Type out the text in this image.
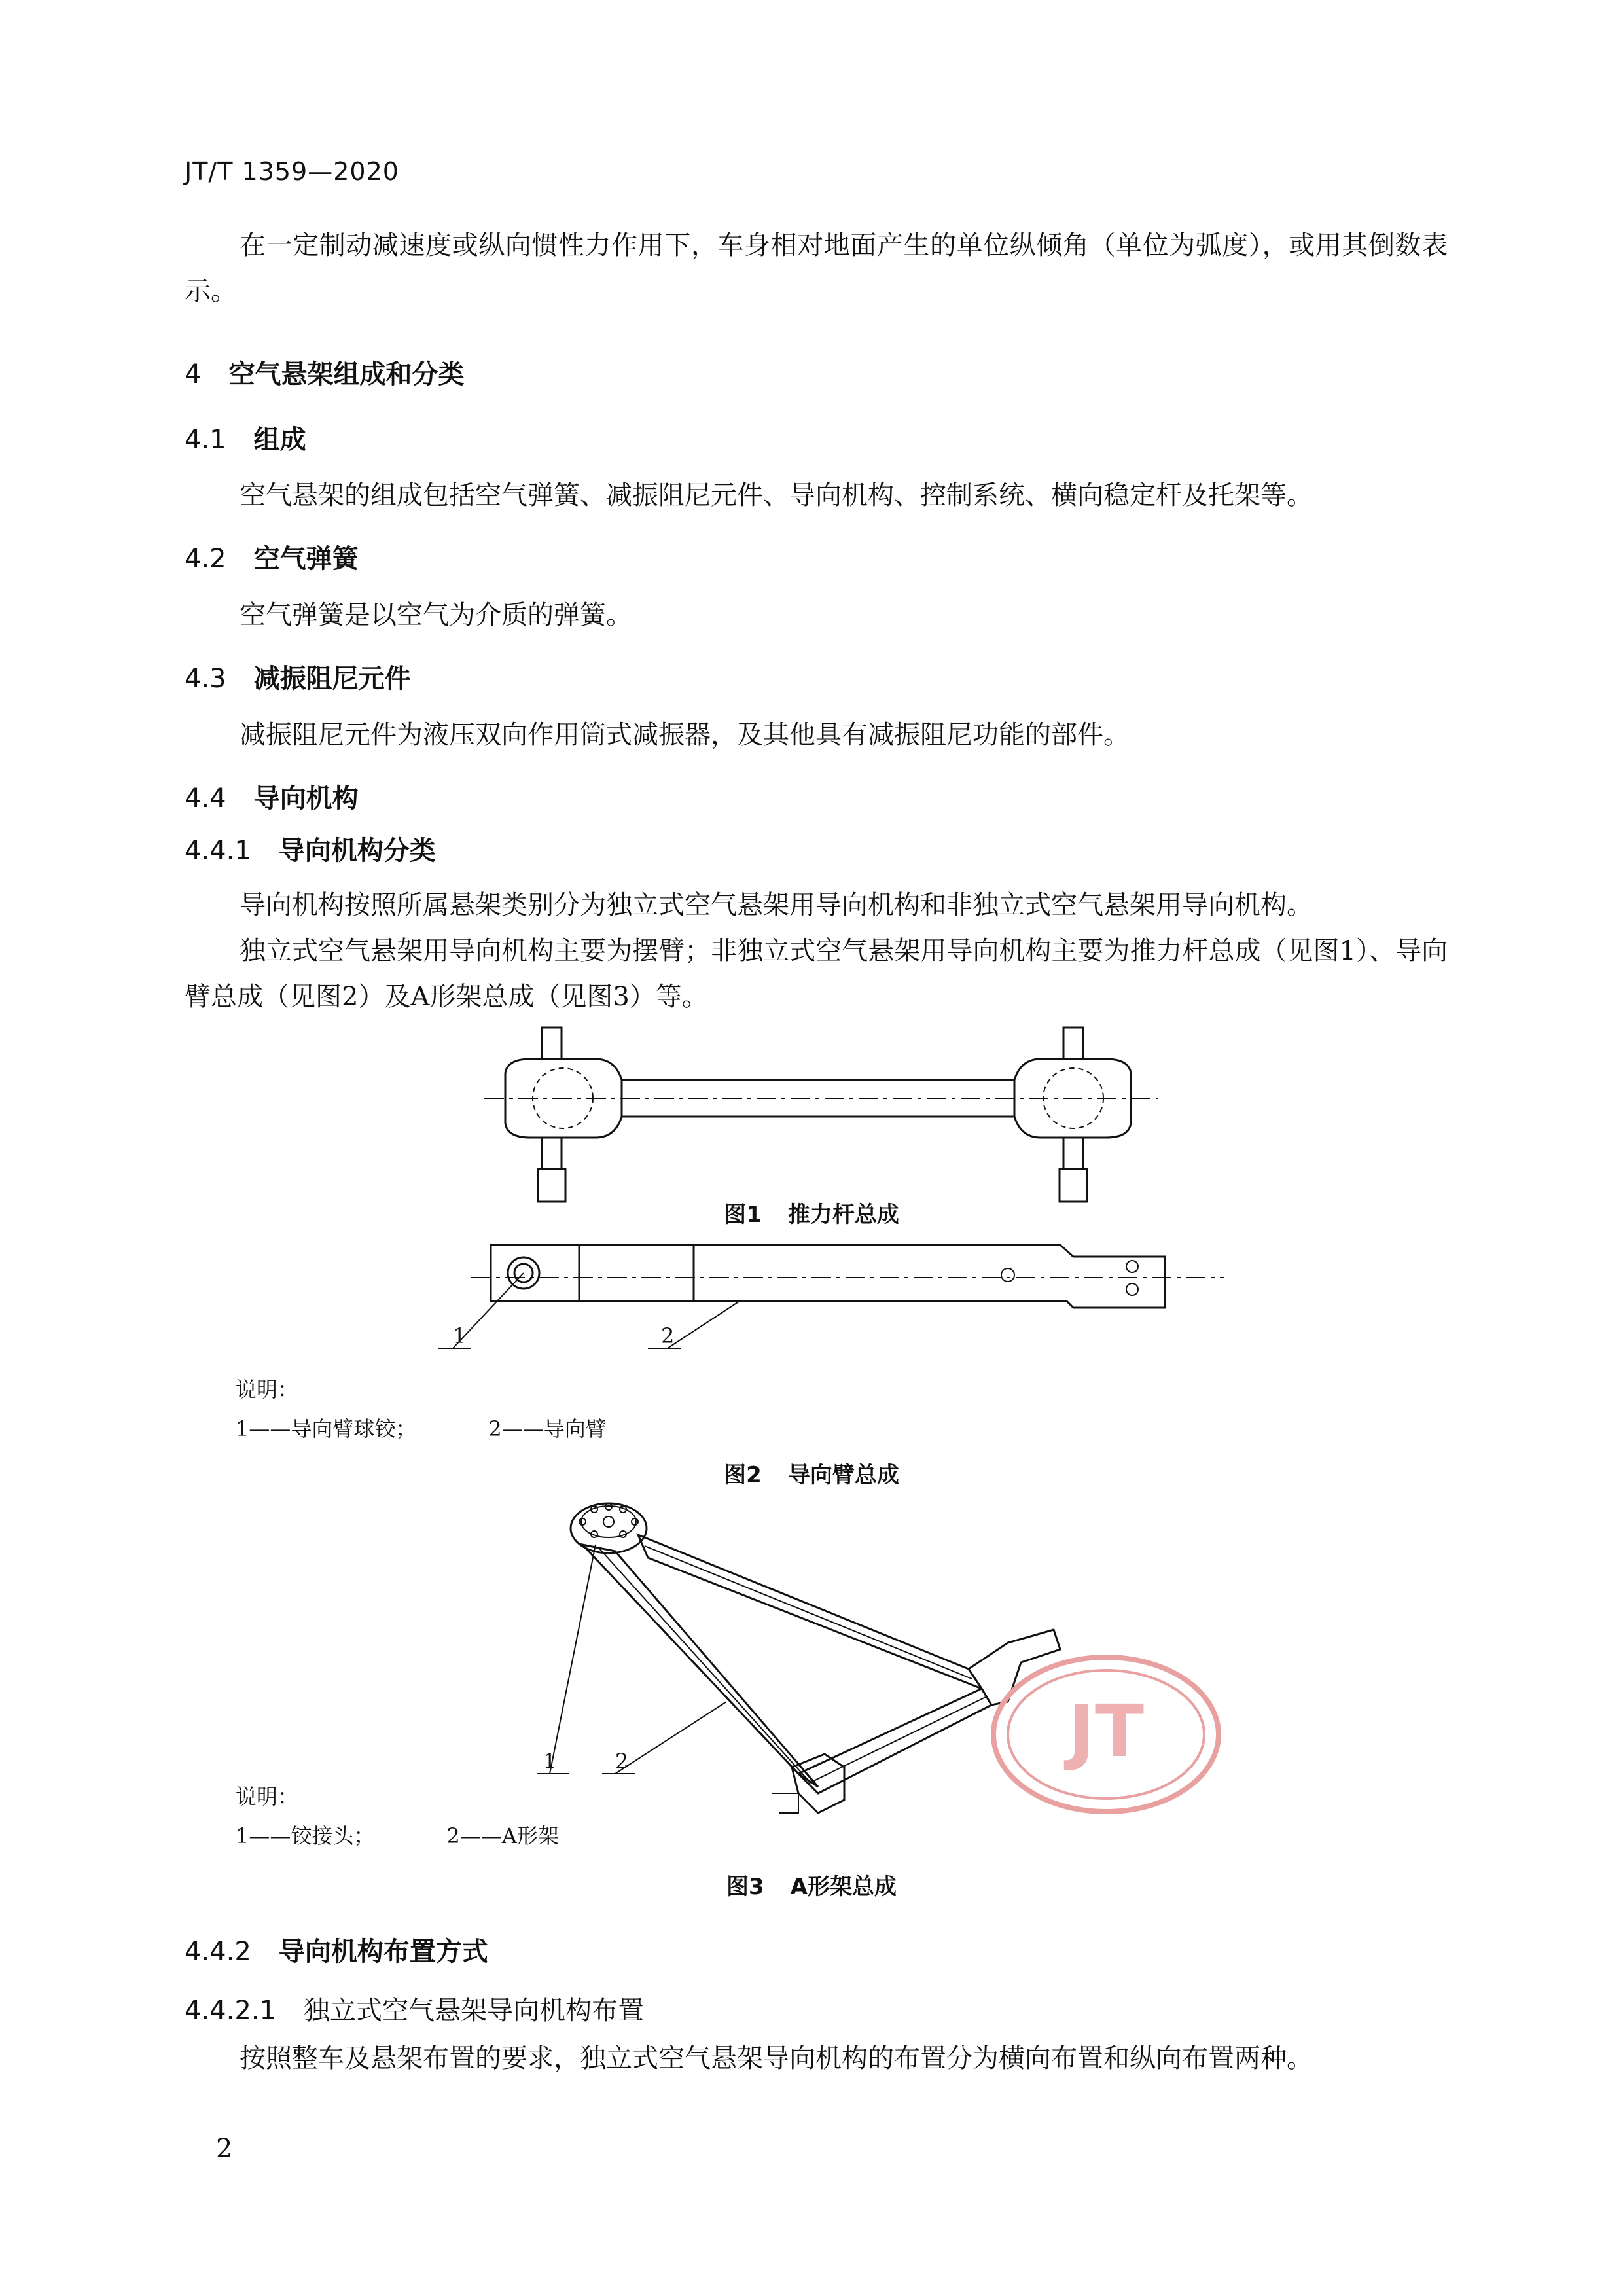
JT/T 1359—2020
在一定制动减速度或纵向惯性力作用下，车身相对地面产生的单位纵倾角（单位为弧度），或用其倒数表示。
4 空气悬架组成和分类
4.1 组成
空气悬架的组成包括空气弹簧、减振阻尼元件、导向机构、控制系统、横向稳定杆及托架等。
4.2 空气弹簧
空气弹簧是以空气为介质的弹簧。
4.3 减振阻尼元件
减振阻尼元件为液压双向作用筒式减振器，及其他具有减振阻尼功能的部件。
4.4 导向机构
4.4.1 导向机构分类
导向机构按照所属悬架类别分为独立式空气悬架用导向机构和非独立式空气悬架用导向机构。
独立式空气悬架用导向机构主要为摆臂；非独立式空气悬架用导向机构主要为推力杆总成（见图1）、导向臂总成（见图2）及A形架总成（见图3）等。
图1 推力杆总成
1	2
说明：
1——导向臂球铰；	2——导向臂
图2 导向臂总成
1	2	JT
说明：
1——铰接头；	2——A形架
图3 A形架总成
4.4.2 导向机构布置方式
4.4.2.1 独立式空气悬架导向机构布置
按照整车及悬架布置的要求，独立式空气悬架导向机构的布置分为横向布置和纵向布置两种。
2
